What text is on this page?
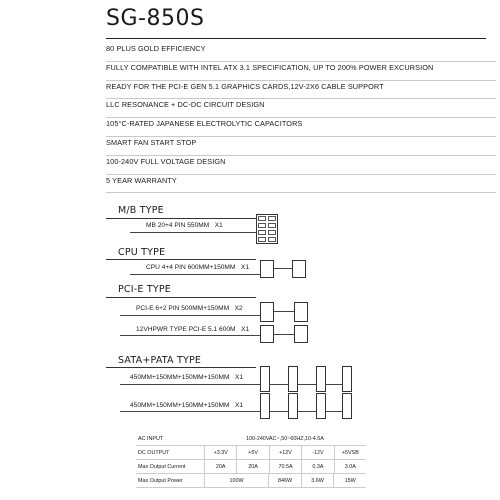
SG-850S
80 PLUS GOLD EFFICIENCY
FULLY COMPATIBLE WITH INTEL ATX 3.1 SPECIFICATION, UP TO 200% POWER EXCURSION
READY FOR THE PCI-E GEN 5.1 GRAPHICS CARDS,12V-2X6 CABLE SUPPORT
LLC RESONANCE + DC-DC CIRCUIT DESIGN
105°C-RATED JAPANESE ELECTROLYTIC CAPACITORS
SMART FAN START STOP
100-240V FULL VOLTAGE DESIGN
5 YEAR WARRANTY
M/B TYPE
MB 20+4 PIN 550MM X1
CPU TYPE
CPU 4+4 PIN 600MM+150MM X1
PCI-E TYPE
PCI-E 6+2 PIN 500MM+150MM X2
12VHPWR TYPE PCI-E 5.1 600M X1
SATA+PATA TYPE
450MM+150MM+150MM+150MM X1
450MM+150MM+150MM+150MM X1
AC INPUT	100-240VAC~,50~60HZ,10-4.5A
DC OUTPUT	+3.3V	+5V	+12V	-12V	+5VSB
Max Output Current	20A	20A	70.5A	0.3A	3.0A
Max Output Power	100W	846W	3.6W	15W
